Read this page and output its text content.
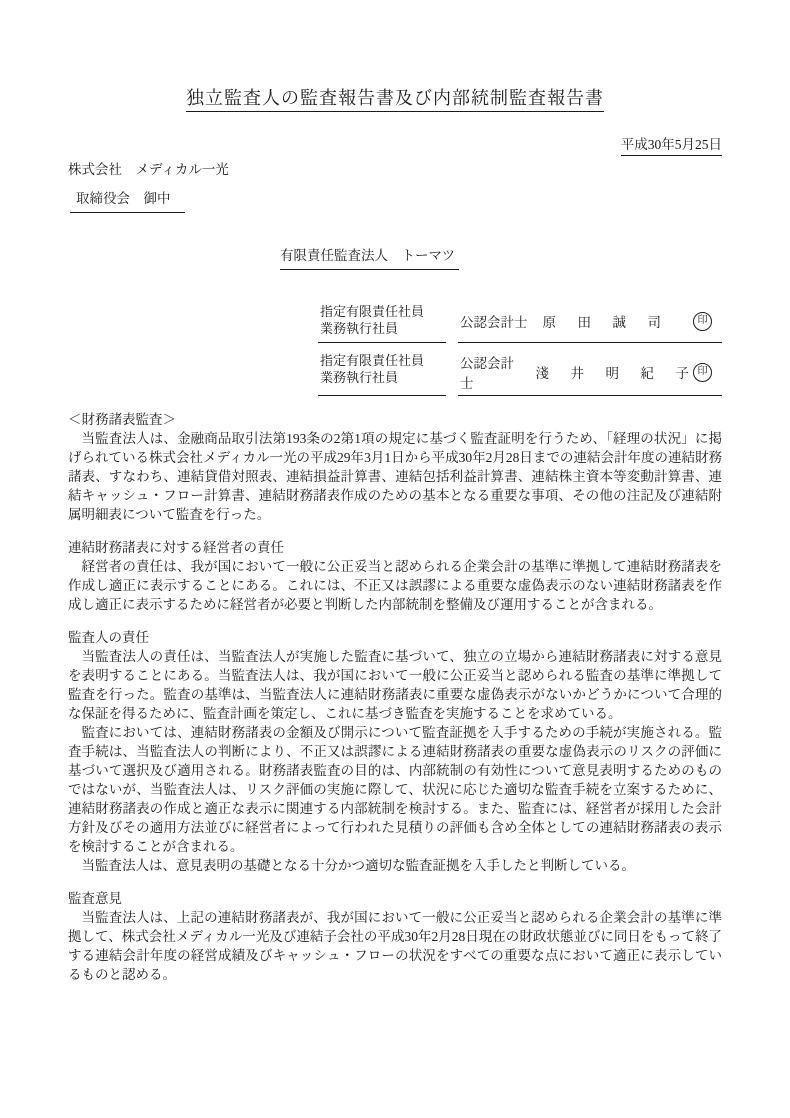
独立監査人の監査報告書及び内部統制監査報告書
平成30年5月25日
株式会社　メディカル一光
取締役会　御中
有限責任監査法人　トーマツ
指定有限責任社員
業務執行社員	公認会計士 原　田　誠　司	印
指定有限責任社員
業務執行社員
公認会計士
淺　井　明　紀　子 印
＜財務諸表監査＞

当監査法人は、金融商品取引法第193条の2第1項の規定に基づく監査証明を行うため、「経理の状況」に掲げられている株式会社メディカル一光の平成29年3月1日から平成30年2月28日までの連結会計年度の連結財務諸表、すなわち、連結貸借対照表、連結損益計算書、連結包括利益計算書、連結株主資本等変動計算書、連結キャッシュ・フロー計算書、連結財務諸表作成のための基本となる重要な事項、その他の注記及び連結附属明細表について監査を行った。

連結財務諸表に対する経営者の責任

経営者の責任は、我が国において一般に公正妥当と認められる企業会計の基準に準拠して連結財務諸表を作成し適正に表示することにある。これには、不正又は誤謬による重要な虚偽表示のない連結財務諸表を作成し適正に表示するために経営者が必要と判断した内部統制を整備及び運用することが含まれる。

監査人の責任

当監査法人の責任は、当監査法人が実施した監査に基づいて、独立の立場から連結財務諸表に対する意見を表明することにある。当監査法人は、我が国において一般に公正妥当と認められる監査の基準に準拠して監査を行った。監査の基準は、当監査法人に連結財務諸表に重要な虚偽表示がないかどうかについて合理的な保証を得るために、監査計画を策定し、これに基づき監査を実施することを求めている。

監査においては、連結財務諸表の金額及び開示について監査証拠を入手するための手続が実施される。監査手続は、当監査法人の判断により、不正又は誤謬による連結財務諸表の重要な虚偽表示のリスクの評価に基づいて選択及び適用される。財務諸表監査の目的は、内部統制の有効性について意見表明するためのものではないが、当監査法人は、リスク評価の実施に際して、状況に応じた適切な監査手続を立案するために、連結財務諸表の作成と適正な表示に関連する内部統制を検討する。また、監査には、経営者が採用した会計方針及びその適用方法並びに経営者によって行われた見積りの評価も含め全体としての連結財務諸表の表示を検討することが含まれる。

当監査法人は、意見表明の基礎となる十分かつ適切な監査証拠を入手したと判断している。

監査意見

当監査法人は、上記の連結財務諸表が、我が国において一般に公正妥当と認められる企業会計の基準に準拠して、株式会社メディカル一光及び連結子会社の平成30年2月28日現在の財政状態並びに同日をもって終了する連結会計年度の経営成績及びキャッシュ・フローの状況をすべての重要な点において適正に表示しているものと認める。
